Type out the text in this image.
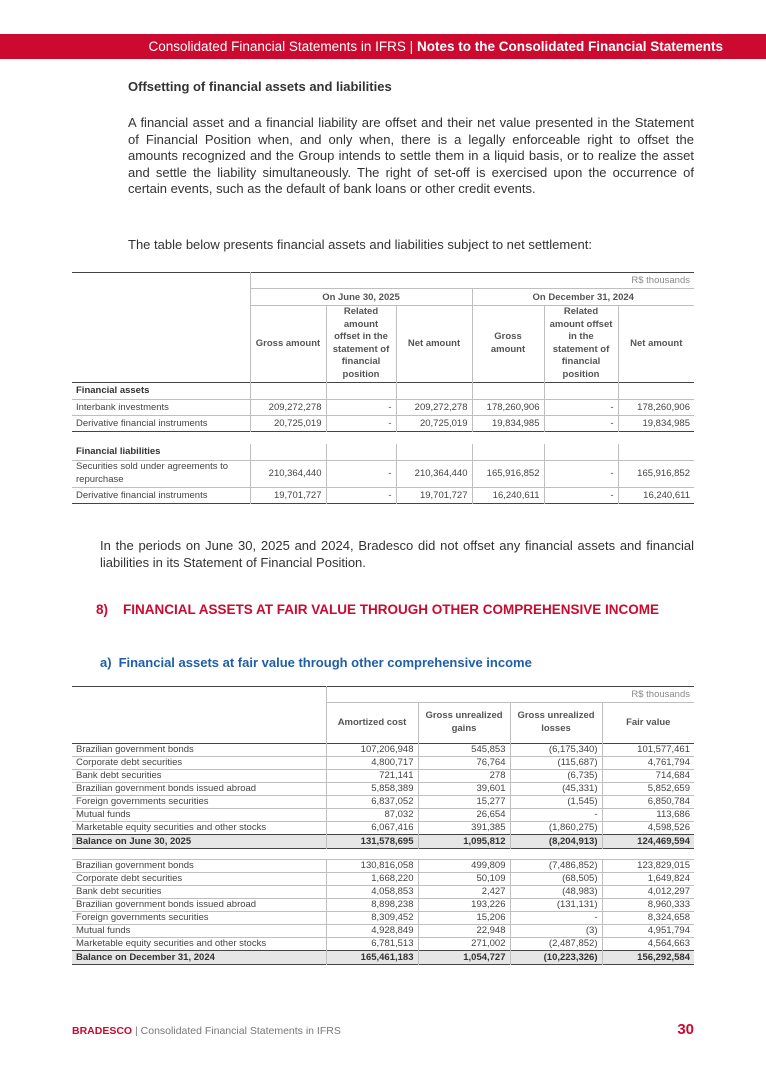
Consolidated Financial Statements in IFRS | Notes to the Consolidated Financial Statements
Offsetting of financial assets and liabilities
A financial asset and a financial liability are offset and their net value presented in the Statement of Financial Position when, and only when, there is a legally enforceable right to offset the amounts recognized and the Group intends to settle them in a liquid basis, or to realize the asset and settle the liability simultaneously. The right of set-off is exercised upon the occurrence of certain events, such as the default of bank loans or other credit events.
The table below presents financial assets and liabilities subject to net settlement:
	R$ thousands					
	On June 30, 2025			On December 31, 2024		
	Gross amount	Related amount offset in the statement of financial position	Net amount	Gross amount	Related amount offset in the statement of financial position	Net amount
Financial assets						
Interbank investments	209,272,278	-	209,272,278	178,260,906	-	178,260,906
Derivative financial instruments	20,725,019	-	20,725,019	19,834,985	-	19,834,985

Financial liabilities						
Securities sold under agreements to repurchase	210,364,440	-	210,364,440	165,916,852	-	165,916,852
Derivative financial instruments	19,701,727	-	19,701,727	16,240,611	-	16,240,611
In the periods on June 30, 2025 and 2024, Bradesco did not offset any financial assets and financial liabilities in its Statement of Financial Position.
8) FINANCIAL ASSETS AT FAIR VALUE THROUGH OTHER COMPREHENSIVE INCOME
a) Financial assets at fair value through other comprehensive income
	R$ thousands			
	Amortized cost	Gross unrealized gains	Gross unrealized losses	Fair value
Brazilian government bonds	107,206,948	545,853	(6,175,340)	101,577,461
Corporate debt securities	4,800,717	76,764	(115,687)	4,761,794
Bank debt securities	721,141	278	(6,735)	714,684
Brazilian government bonds issued abroad	5,858,389	39,601	(45,331)	5,852,659
Foreign governments securities	6,837,052	15,277	(1,545)	6,850,784
Mutual funds	87,032	26,654	-	113,686
Marketable equity securities and other stocks	6,067,416	391,385	(1,860,275)	4,598,526
Balance on June 30, 2025	131,578,695	1,095,812	(8,204,913)	124,469,594

Brazilian government bonds	130,816,058	499,809	(7,486,852)	123,829,015
Corporate debt securities	1,668,220	50,109	(68,505)	1,649,824
Bank debt securities	4,058,853	2,427	(48,983)	4,012,297
Brazilian government bonds issued abroad	8,898,238	193,226	(131,131)	8,960,333
Foreign governments securities	8,309,452	15,206	-	8,324,658
Mutual funds	4,928,849	22,948	(3)	4,951,794
Marketable equity securities and other stocks	6,781,513	271,002	(2,487,852)	4,564,663
Balance on December 31, 2024	165,461,183	1,054,727	(10,223,326)	156,292,584
BRADESCO | Consolidated Financial Statements in IFRS	30
